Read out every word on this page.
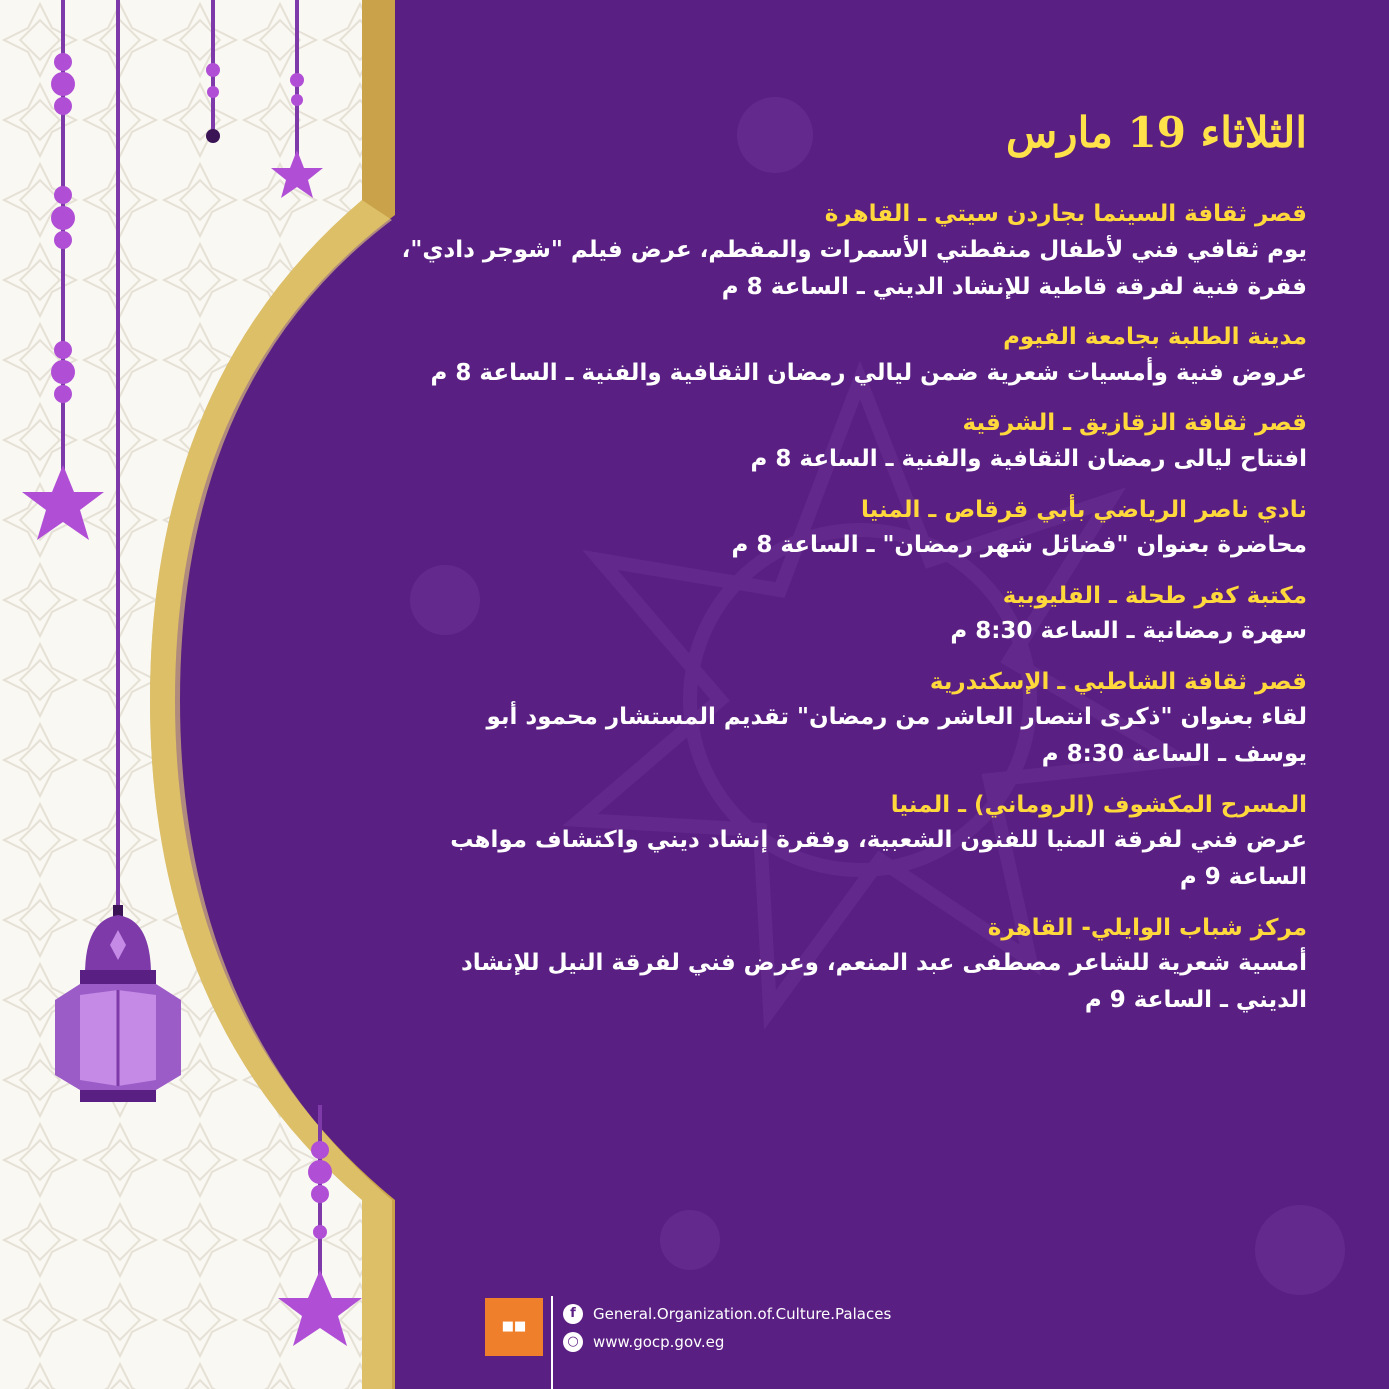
الثلاثاء 19 مارس
قصر ثقافة السينما بجاردن سيتي ـ القاهرة
يوم ثقافي فني لأطفال منقطتي الأسمرات والمقطم، عرض فيلم "شوجر دادي"،
فقرة فنية لفرقة قاطية للإنشاد الديني ـ الساعة 8 م
مدينة الطلبة بجامعة الفيوم
عروض فنية وأمسيات شعرية ضمن ليالي رمضان الثقافية والفنية ـ الساعة 8 م
قصر ثقافة الزقازيق ـ الشرقية
افتتاح ليالى رمضان الثقافية والفنية ـ الساعة 8 م
نادي ناصر الرياضي بأبي قرقاص ـ المنيا
محاضرة بعنوان "فضائل شهر رمضان" ـ الساعة 8 م
مكتبة كفر طحلة ـ القليوبية
سهرة رمضانية ـ الساعة 8:30 م
قصر ثقافة الشاطبي ـ الإسكندرية
لقاء بعنوان "ذكرى انتصار العاشر من رمضان" تقديم المستشار محمود أبو
يوسف ـ الساعة 8:30 م
المسرح المكشوف (الروماني) ـ المنيا
عرض فني لفرقة المنيا للفنون الشعبية، وفقرة إنشاد ديني واكتشاف مواهب
الساعة 9 م
مركز شباب الوايلي- القاهرة
أمسية شعرية للشاعر مصطفى عبد المنعم، وعرض فني لفرقة النيل للإنشاد
الديني ـ الساعة 9 م
■■
f	General.Organization.of.Culture.Palaces
○ www.gocp.gov.eg
